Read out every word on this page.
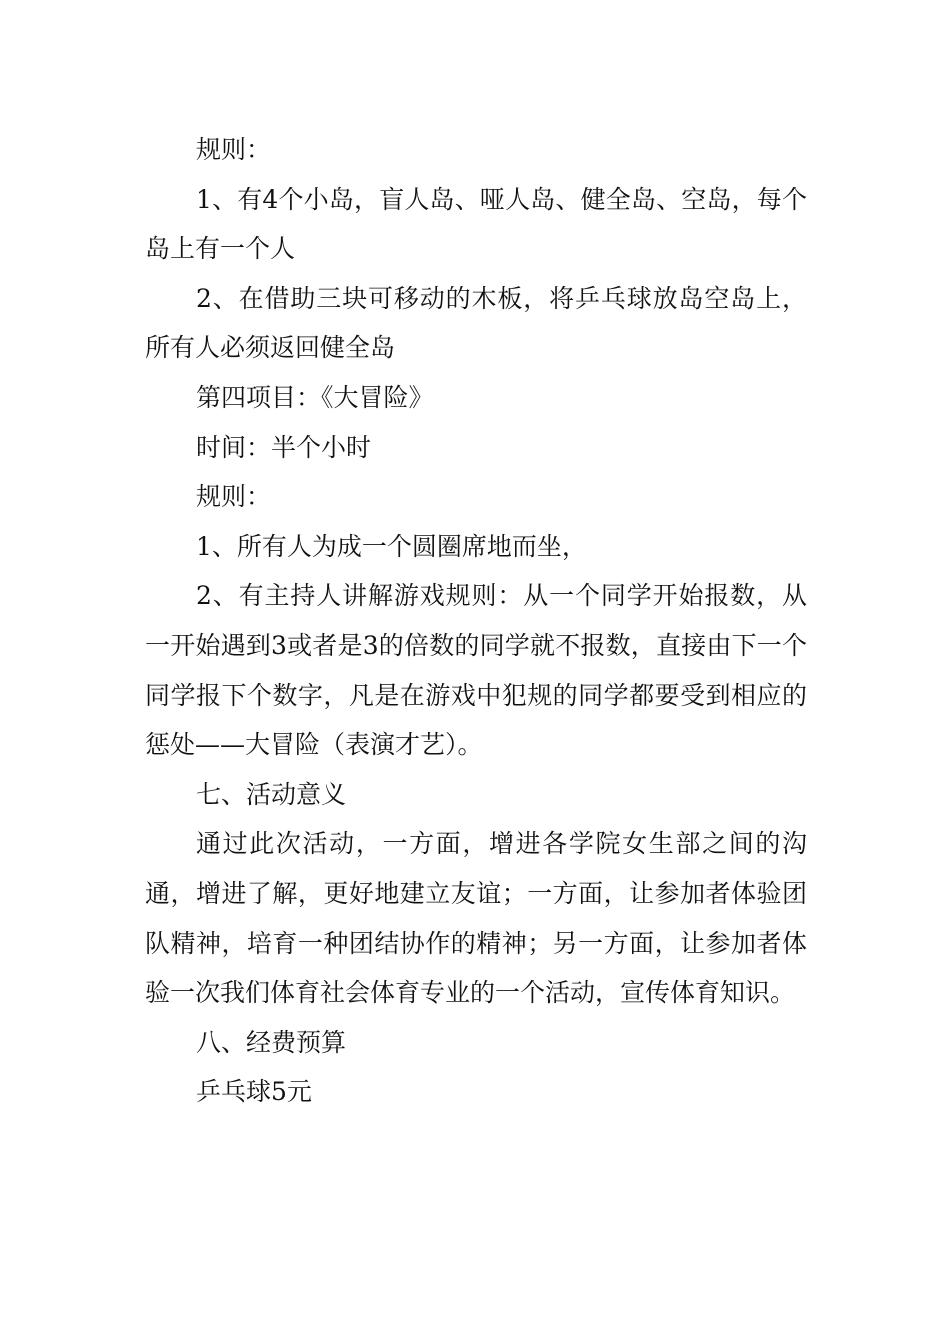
规则：

1、有4个小岛，盲人岛、哑人岛、健全岛、空岛，每个岛上有一个人

2、在借助三块可移动的木板，将乒乓球放岛空岛上，所有人必须返回健全岛

第四项目：《大冒险》

时间：半个小时

规则：

1、所有人为成一个圆圈席地而坐，

2、有主持人讲解游戏规则：从一个同学开始报数，从一开始遇到3或者是3的倍数的同学就不报数，直接由下一个同学报下个数字，凡是在游戏中犯规的同学都要受到相应的惩处——大冒险（表演才艺）。

七、活动意义

通过此次活动，一方面，增进各学院女生部之间的沟通，增进了解，更好地建立友谊；一方面，让参加者体验团队精神，培育一种团结协作的精神；另一方面，让参加者体验一次我们体育社会体育专业的一个活动，宣传体育知识。

八、经费预算

乒乓球5元
